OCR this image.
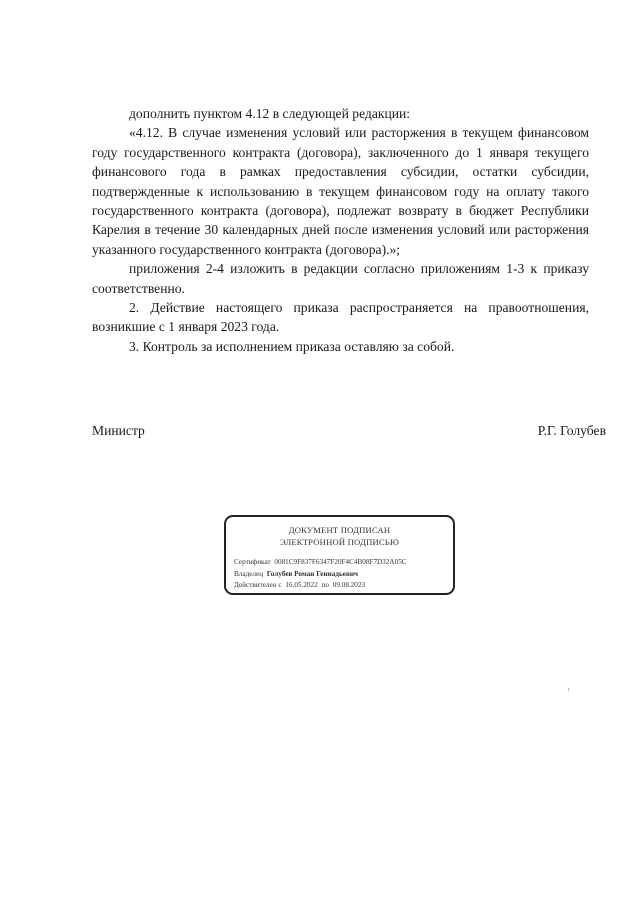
дополнить пунктом 4.12 в следующей редакции:

«4.12. В случае изменения условий или расторжения в текущем финансовом году государственного контракта (договора), заключенного до 1 января текущего финансового года в рамках предоставления субсидии, остатки субсидии, подтвержденные к использованию в текущем финансовом году на оплату такого государственного контракта (договора), подлежат возврату в бюджет Республики Карелия в течение 30 календарных дней после изменения условий или расторжения указанного государственного контракта (договора).»;

приложения 2-4 изложить в редакции согласно приложениям 1-3 к приказу соответственно.

2. Действие настоящего приказа распространяется на правоотношения, возникшие с 1 января 2023 года.

3. Контроль за исполнением приказа оставляю за собой.

Министр	Р.Г. Голубев
ДОКУМЕНТ ПОДПИСАН
ЭЛЕКТРОННОЙ ПОДПИСЬЮ
Сертификат 0081C9F837F6347F20F4C4B08F7D32A05C
Владелец Голубев Роман Геннадьевич
Действителен с 16.05.2022 по 09.08.2023
